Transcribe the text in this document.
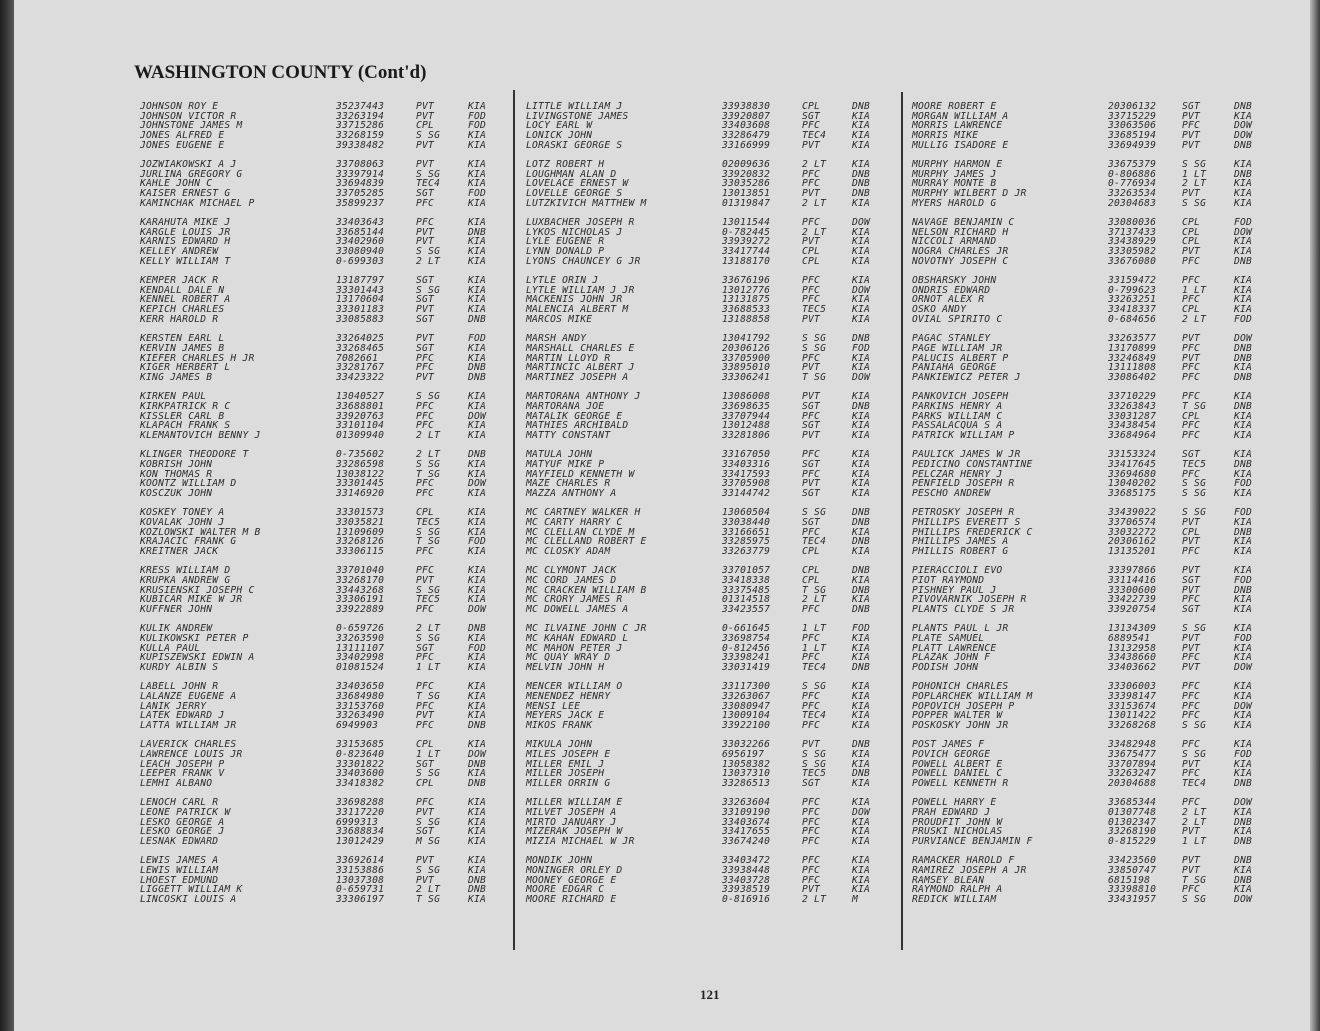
WASHINGTON COUNTY (Cont'd)
JOHNSON ROY E	35237443	PVT	KIA
JOHNSON VICTOR R	33263194	PVT	FOD
JOHNSTONE JAMES M	33715286	CPL	FOD
JONES ALFRED E	33268159	S SG	KIA
JONES EUGENE E	39338482	PVT	KIA
JOZWIAKOWSKI A J	33708063	PVT	KIA
JURLINA GREGORY G	33397914	S SG	KIA
KAHLE JOHN C	33694839	TEC4	KIA
KAISER ERNEST G	33705285	SGT	FOD
KAMINCHAK MICHAEL P	35899237	PFC	KIA
KARAHUTA MIKE J	33403643	PFC	KIA
KARGLE LOUIS JR	33685144	PVT	DNB
KARNIS EDWARD H	33402960	PVT	KIA
KELLEY ANDREW	33080940	S SG	KIA
KELLY WILLIAM T	0-699303	2 LT	KIA
KEMPER JACK R	13187797	SGT	KIA
KENDALL DALE N	33301443	S SG	KIA
KENNEL ROBERT A	13170604	SGT	KIA
KEPICH CHARLES	33301183	PVT	KIA
KERR HAROLD R	33085883	SGT	DNB
KERSTEN EARL L	33264025	PVT	FOD
KERVIN JAMES B	33268465	SGT	KIA
KIEFER CHARLES H JR	7082661	PFC	KIA
KIGER HERBERT L	33281767	PFC	DNB
KING JAMES B	33423322	PVT	DNB
KIRKEN PAUL	13040527	S SG	KIA
KIRKPATRICK R C	33688801	PFC	KIA
KISSLER CARL B	33920763	PFC	DOW
KLAPACH FRANK S	33101104	PFC	KIA
KLEMANTOVICH BENNY J	01309940	2 LT	KIA
KLINGER THEODORE T	0-735602	2 LT	DNB
KOBRISH JOHN	33286598	S SG	KIA
KON THOMAS R	13038122	T SG	KIA
KOONTZ WILLIAM D	33301445	PFC	DOW
KOSCZUK JOHN	33146920	PFC	KIA
KOSKEY TONEY A	33301573	CPL	KIA
KOVALAK JOHN J	33035821	TEC5	KIA
KOZLOWSKI WALTER M B	13109609	S SG	KIA
KRAJACIC FRANK G	33268126	T SG	FOD
KREITNER JACK	33306115	PFC	KIA
KRESS WILLIAM D	33701040	PFC	KIA
KRUPKA ANDREW G	33268170	PVT	KIA
KRUSIENSKI JOSEPH C	33443268	S SG	KIA
KUBICAR MIKE W JR	33306191	TEC5	KIA
KUFFNER JOHN	33922889	PFC	DOW
KULIK ANDREW	0-659726	2 LT	DNB
KULIKOWSKI PETER P	33263590	S SG	KIA
KULLA PAUL	13111107	SGT	FOD
KUPISZEWSKI EDWIN A	33402998	PFC	KIA
KURDY ALBIN S	01081524	1 LT	KIA
LABELL JOHN R	33403650	PFC	KIA
LALANZE EUGENE A	33684980	T SG	KIA
LANIK JERRY	33153760	PFC	KIA
LATEK EDWARD J	33263490	PVT	KIA
LATTA WILLIAM JR	6949903	PFC	DNB
LAVERICK CHARLES	33153685	CPL	KIA
LAWRENCE LOUIS JR	0-823640	1 LT	DOW
LEACH JOSEPH P	33301822	SGT	DNB
LEEPER FRANK V	33403600	S SG	KIA
LEMHI ALBANO	33418382	CPL	DNB
LENOCH CARL R	33698288	PFC	KIA
LEONE PATRICK W	33117220	PVT	KIA
LESKO GEORGE A	6999313	S SG	KIA
LESKO GEORGE J	33688834	SGT	KIA
LESNAK EDWARD	13012429	M SG	KIA
LEWIS JAMES A	33692614	PVT	KIA
LEWIS WILLIAM	33153886	S SG	KIA
LHOEST EDMUND	13037308	PVT	DNB
LIGGETT WILLIAM K	0-659731	2 LT	DNB
LINCOSKI LOUIS A	33306197	T SG	KIA
LITTLE WILLIAM J	33938830	CPL	DNB
LIVINGSTONE JAMES	33920807	SGT	KIA
LOCY EARL W	33403608	PFC	KIA
LONICK JOHN	33286479	TEC4	KIA
LORASKI GEORGE S	33166999	PVT	KIA
LOTZ ROBERT H	02009636	2 LT	KIA
LOUGHMAN ALAN D	33920832	PFC	DNB
LOVELACE ERNEST W	33035286	PFC	DNB
LOVELLE GEORGE S	13013851	PVT	DNB
LUTZKIVICH MATTHEW M	01319847	2 LT	KIA
LUXBACHER JOSEPH R	13011544	PFC	DOW
LYKOS NICHOLAS J	0-782445	2 LT	KIA
LYLE EUGENE R	33939272	PVT	KIA
LYNN DONALD P	33417744	CPL	KIA
LYONS CHAUNCEY G JR	13188170	CPL	KIA
LYTLE ORIN J	33676196	PFC	KIA
LYTLE WILLIAM J JR	13012776	PFC	DOW
MACKENIS JOHN JR	13131875	PFC	KIA
MALENCIA ALBERT M	33688533	TEC5	KIA
MARCOS MIKE	13188858	PVT	KIA
MARSH ANDY	13041792	S SG	DNB
MARSHALL CHARLES E	20306126	S SG	FOD
MARTIN LLOYD R	33705900	PFC	KIA
MARTINCIC ALBERT J	33895010	PVT	KIA
MARTINEZ JOSEPH A	33306241	T SG	DOW
MARTORANA ANTHONY J	13086008	PVT	KIA
MARTORANA JOE	33698635	SGT	DNB
MATALIK GEORGE E	33707944	PFC	KIA
MATHIES ARCHIBALD	13012488	SGT	KIA
MATTY CONSTANT	33281806	PVT	KIA
MATULA JOHN	33167050	PFC	KIA
MATYUF MIKE P	33403316	SGT	KIA
MAYFIELD KENNETH W	33417593	PFC	KIA
MAZE CHARLES R	33705908	PVT	KIA
MAZZA ANTHONY A	33144742	SGT	KIA
MC CARTNEY WALKER H	13060504	S SG	DNB
MC CARTY HARRY C	33038440	SGT	DNB
MC CLELLAN CLYDE M	33166651	PFC	KIA
MC CLELLAND ROBERT E	33285975	TEC4	DNB
MC CLOSKY ADAM	33263779	CPL	KIA
MC CLYMONT JACK	33701057	CPL	DNB
MC CORD JAMES D	33418338	CPL	KIA
MC CRACKEN WILLIAM B	33375485	T SG	DNB
MC CRORY JAMES R	01314518	2 LT	KIA
MC DOWELL JAMES A	33423557	PFC	DNB
MC ILVAINE JOHN C JR	0-661645	1 LT	FOD
MC KAHAN EDWARD L	33698754	PFC	KIA
MC MAHON PETER J	0-812456	1 LT	KIA
MC QUAY WRAY D	33398241	PFC	KIA
MELVIN JOHN H	33031419	TEC4	DNB
MENCER WILLIAM O	33117300	S SG	KIA
MENENDEZ HENRY	33263067	PFC	KIA
MENSI LEE	33080947	PFC	KIA
MEYERS JACK E	13009104	TEC4	KIA
MIKOS FRANK	33922100	PFC	KIA
MIKULA JOHN	33032266	PVT	DNB
MILES JOSEPH E	6956197	S SG	KIA
MILLER EMIL J	13058382	S SG	KIA
MILLER JOSEPH	13037310	TEC5	DNB
MILLER ORRIN G	33286513	SGT	KIA
MILLER WILLIAM E	33263604	PFC	KIA
MILVET JOSEPH A	33109190	PFC	DOW
MIRTO JANUARY J	33403674	PFC	KIA
MIZERAK JOSEPH W	33417655	PFC	KIA
MIZIA MICHAEL W JR	33674240	PFC	KIA
MONDIK JOHN	33403472	PFC	KIA
MONINGER ORLEY D	33938448	PFC	KIA
MOONEY GEORGE E	33403728	PFC	KIA
MOORE EDGAR C	33938519	PVT	KIA
MOORE RICHARD E	0-816916	2 LT	M
MOORE ROBERT E	20306132	SGT	DNB
MORGAN WILLIAM A	33715229	PVT	KIA
MORRIS LAWRENCE	33063506	PFC	DOW
MORRIS MIKE	33685194	PVT	DOW
MULLIG ISADORE E	33694939	PVT	DNB
MURPHY HARMON E	33675379	S SG	KIA
MURPHY JAMES J	0-806886	1 LT	DNB
MURRAY MONTE B	0-776934	2 LT	KIA
MURPHY WILBERT D JR	33263534	PVT	KIA
MYERS HAROLD G	20304683	S SG	KIA
NAVAGE BENJAMIN C	33080036	CPL	FOD
NELSON RICHARD H	37137433	CPL	DOW
NICCOLI ARMAND	33438929	CPL	KIA
NOGRA CHARLES JR	33305982	PVT	KIA
NOVOTNY JOSEPH C	33676080	PFC	DNB
OBSHARSKY JOHN	33159472	PFC	KIA
ONDRIS EDWARD	0-799623	1 LT	KIA
ORNOT ALEX R	33263251	PFC	KIA
OSKO ANDY	33418337	CPL	KIA
OVIAL SPIRITO C	0-684656	2 LT	FOD
PAGAC STANLEY	33263577	PVT	DOW
PAGE WILLIAM JR	13170899	PFC	DNB
PALUCIS ALBERT P	33246849	PVT	DNB
PANIAHA GEORGE	13111808	PFC	KIA
PANKIEWICZ PETER J	33086402	PFC	DNB
PANKOVICH JOSEPH	33710229	PFC	KIA
PARKINS HENRY A	33263843	T SG	DNB
PARKS WILLIAM C	33031287	CPL	KIA
PASSALACQUA S A	33438454	PFC	KIA
PATRICK WILLIAM P	33684964	PFC	KIA
PAULICK JAMES W JR	33153324	SGT	KIA
PEDICINO CONSTANTINE	33417645	TEC5	DNB
PELCZAR HENRY J	33694680	PFC	KIA
PENFIELD JOSEPH R	13040202	S SG	FOD
PESCHO ANDREW	33685175	S SG	KIA
PETROSKY JOSEPH R	33439022	S SG	FOD
PHILLIPS EVERETT S	33706574	PVT	KIA
PHILLIPS FREDERICK C	33032272	CPL	DNB
PHILLIPS JAMES A	20306162	PVT	KIA
PHILLIS ROBERT G	13135201	PFC	KIA
PIERACCIOLI EVO	33397866	PVT	KIA
PIOT RAYMOND	33114416	SGT	FOD
PISHNEY PAUL J	33300600	PVT	DNB
PIVOVARNIK JOSEPH R	33422739	PFC	KIA
PLANTS CLYDE S JR	33920754	SGT	KIA
PLANTS PAUL L JR	13134309	S SG	KIA
PLATE SAMUEL	6889541	PVT	FOD
PLATT LAWRENCE	13132958	PVT	KIA
PLAZAK JOHN F	33438660	PFC	KIA
PODISH JOHN	33403662	PVT	DOW
POHONICH CHARLES	33306003	PFC	KIA
POPLARCHEK WILLIAM M	33398147	PFC	KIA
POPOVICH JOSEPH P	33153674	PFC	DOW
POPPER WALTER W	13011422	PFC	KIA
POSKOSKY JOHN JR	33268268	S SG	KIA
POST JAMES F	33482948	PFC	KIA
POVICH GEORGE	33675477	S SG	FOD
POWELL ALBERT E	33707894	PVT	KIA
POWELL DANIEL C	33263247	PFC	KIA
POWELL KENNETH R	20304688	TEC4	DNB
POWELL HARRY E	33685344	PFC	DOW
PRAH EDWARD J	01307748	2 LT	KIA
PROUDFIT JOHN W	01302347	2 LT	DNB
PRUSKI NICHOLAS	33268190	PVT	KIA
PURVIANCE BENJAMIN F	0-815229	1 LT	DNB
RAMACKER HAROLD F	33423560	PVT	DNB
RAMIREZ JOSEPH A JR	33850747	PVT	KIA
RAMSEY BLEAN	6815198	T SG	DNB
RAYMOND RALPH A	33398810	PFC	KIA
REDICK WILLIAM	33431957	S SG	DOW
121
